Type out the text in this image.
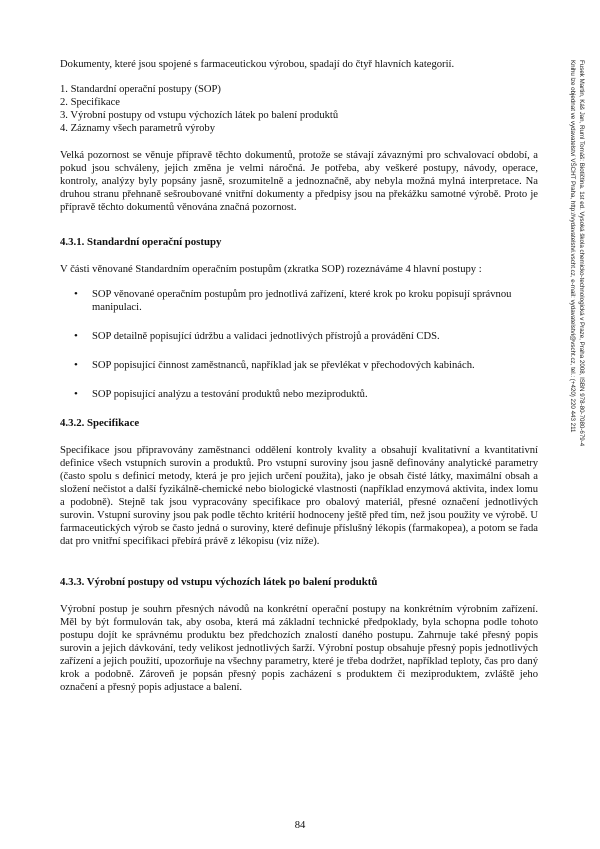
Dokumenty, které jsou spojené s farmaceutickou výrobou, spadají do čtyř hlavních kategorií.

1. Standardní operační postupy (SOP)
2. Specifikace
3. Výrobní postupy od vstupu výchozích látek po balení produktů
4. Záznamy všech parametrů výroby

Velká pozornost se věnuje přípravě těchto dokumentů, protože se stávají závaznými pro schvalovací období, a pokud jsou schváleny, jejich změna je velmi náročná. Je potřeba, aby veškeré postupy, návody, operace, kontroly, analýzy byly popsány jasně, srozumitelně a jednoznačně, aby nebyla možná mylná interpretace. Na druhou stranu přehnaně sešroubované vnitřní dokumenty a předpisy jsou na překážku samotné výrobě. Proto je přípravě těchto dokumentů věnována značná pozornost.

4.3.1. Standardní operační postupy

V části věnované Standardním operačním postupům (zkratka SOP) rozeznáváme 4 hlavní postupy :

• SOP věnované operačním postupům pro jednotlivá zařízení, které krok po kroku popisují správnou manipulaci.
• SOP detailně popisující údržbu a validaci jednotlivých přístrojů a provádění CDS.
• SOP popisující činnost zaměstnanců, například jak se převlékat v přechodových kabinách.
• SOP popisující analýzu a testování produktů nebo meziproduktů.
4.3.2. Specifikace

Specifikace jsou připravovány zaměstnanci oddělení kontroly kvality a obsahují kvalitativní a kvantitativní definice všech vstupních surovin a produktů. Pro vstupní suroviny jsou jasně definovány analytické parametry (často spolu s definicí metody, která je pro jejich určení použita), jako je obsah čisté látky, maximální obsah a složení nečistot a další fyzikálně-chemické nebo biologické vlastnosti (například enzymová aktivita, index lomu a podobně). Stejně tak jsou vypracovány specifikace pro obalový materiál, přesné označení jednotlivých surovin. Vstupní suroviny jsou pak podle těchto kritérií hodnoceny ještě před tím, než jsou použity ve výrobě. U farmaceutických výrob se často jedná o suroviny, které definuje příslušný lékopis (farmakopea), a potom se řada dat pro vnitřní specifikaci přebírá právě z lékopisu (viz níže).

4.3.3. Výrobní postupy od vstupu výchozích látek po balení produktů

Výrobní postup je souhrn přesných návodů na konkrétní operační postupy na konkrétním výrobním zařízení. Měl by být formulován tak, aby osoba, která má základní technické předpoklady, byla schopna podle tohoto postupu dojít ke správnému produktu bez předchozích znalostí daného postupu. Zahrnuje také přesný popis surovin a jejich dávkování, tedy velikost jednotlivých šarží. Výrobní postup obsahuje přesný popis jednotlivých zařízení a jejich použití, upozorňuje na všechny parametry, které je třeba dodržet, například teploty, čas pro daný krok a podobně. Zároveň je popsán přesný popis zacházení s produktem či meziproduktem, zvláště jeho označení a přesný popis adjustace a balení.

Fusek Martin, Káš Jan, Ruml Tomáš: Biotičtina. 1st ed. Vysoká škola chemicko-technologická v Praze, Praha 2008, ISBN 978-80-7080-679-4
Knihu lze objednat ve vydavatelství VŠCHT Praha, http://vydavatelstvi.vscht.cz, e-mail: vydavatelstvi@vscht.cz, tel.: (+420) 220 443 211
84
